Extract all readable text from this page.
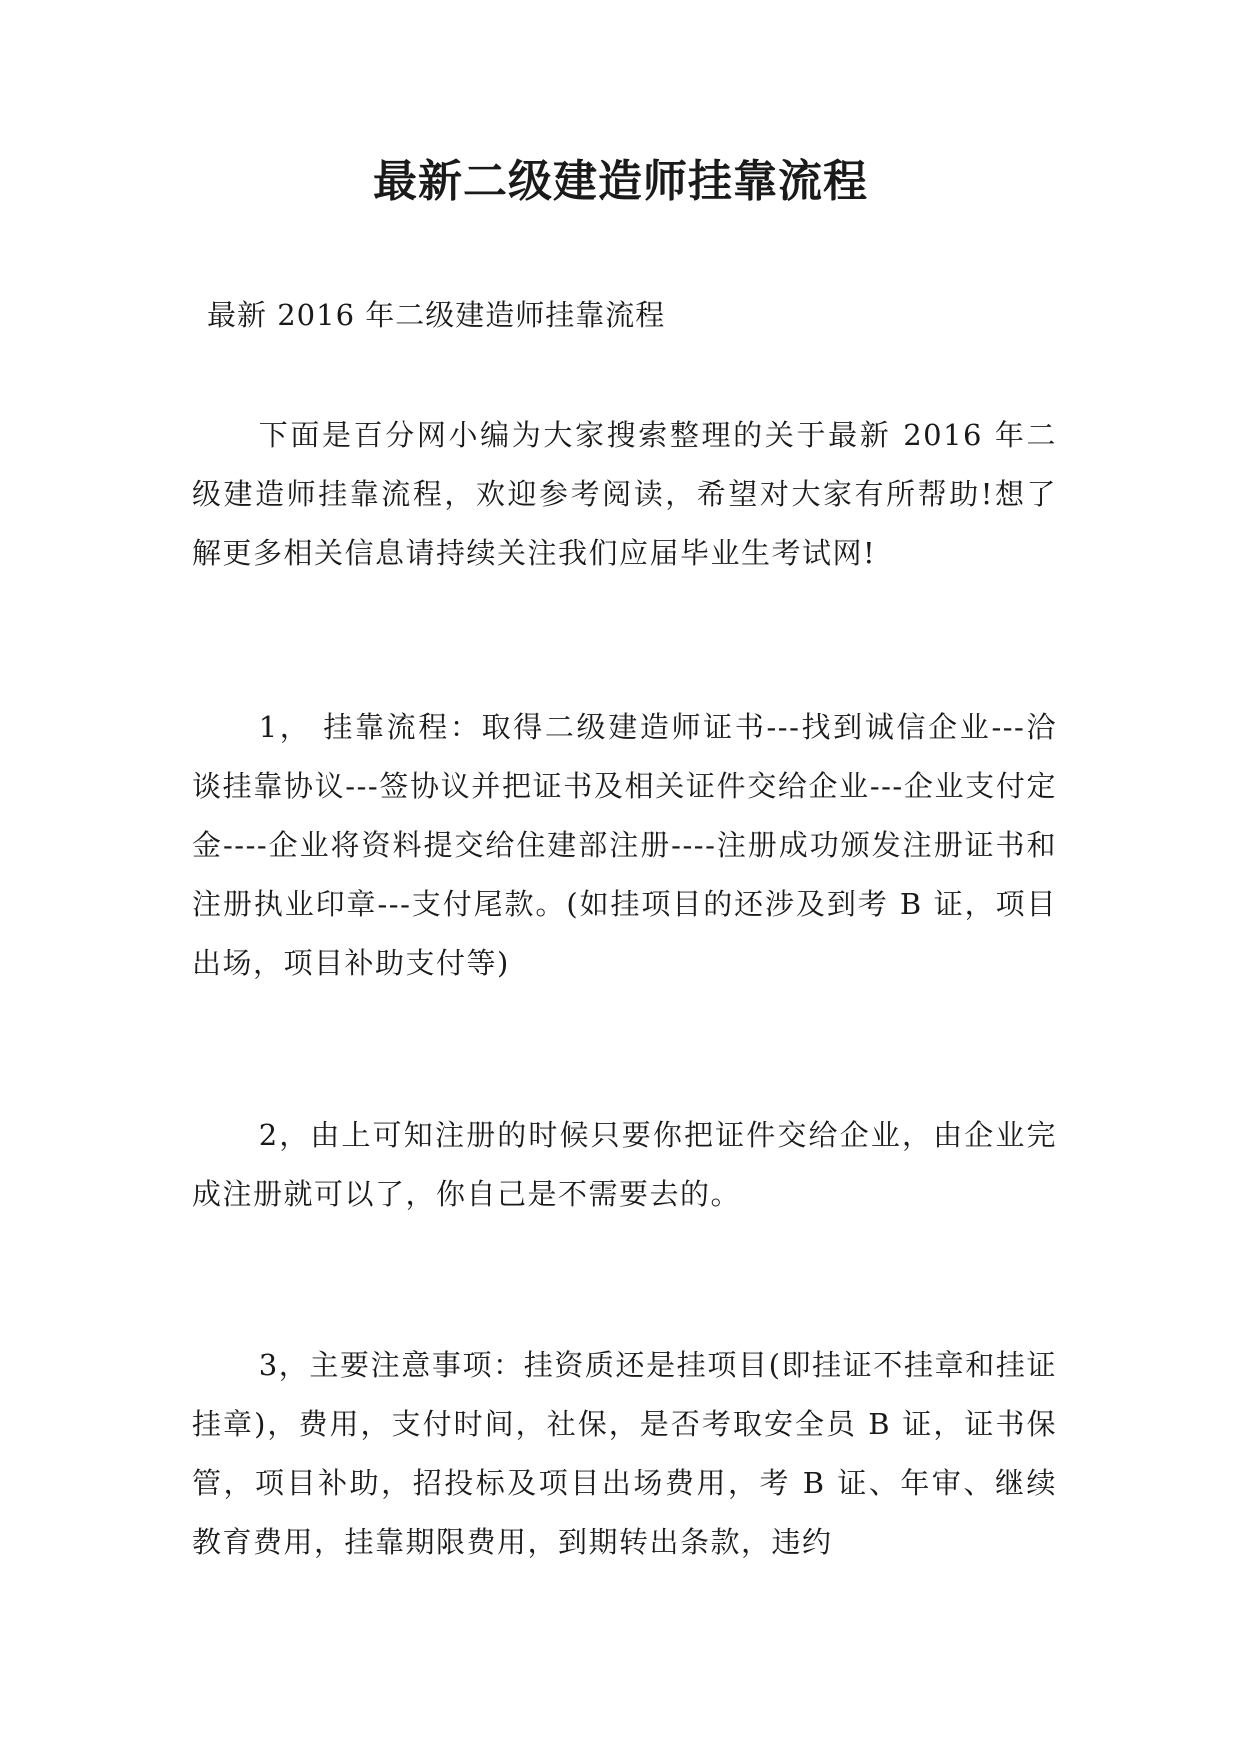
最新二级建造师挂靠流程

最新 2016 年二级建造师挂靠流程

下面是百分网小编为大家搜索整理的关于最新 2016 年二级建造师挂靠流程，欢迎参考阅读，希望对大家有所帮助!想了解更多相关信息请持续关注我们应届毕业生考试网!

1， 挂靠流程：取得二级建造师证书---找到诚信企业---洽谈挂靠协议---签协议并把证书及相关证件交给企业---企业支付定金----企业将资料提交给住建部注册----注册成功颁发注册证书和注册执业印章---支付尾款。(如挂项目的还涉及到考 B 证，项目出场，项目补助支付等)

2，由上可知注册的时候只要你把证件交给企业，由企业完成注册就可以了，你自己是不需要去的。

3，主要注意事项：挂资质还是挂项目(即挂证不挂章和挂证挂章)，费用，支付时间，社保，是否考取安全员 B 证，证书保管，项目补助，招投标及项目出场费用，考 B 证、年审、继续教育费用，挂靠期限费用，到期转出条款，违约
